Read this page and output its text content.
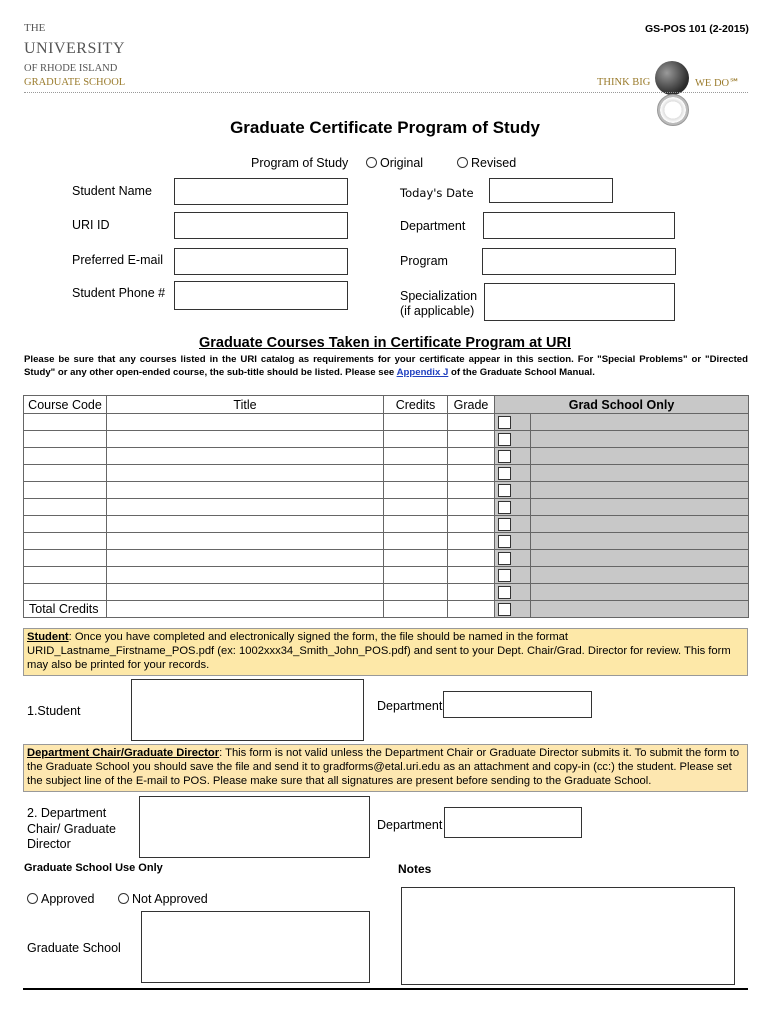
THE
UNIVERSITY
OF RHODE ISLAND
GRADUATE SCHOOL
GS-POS 101 (2-2015)
THINK BIG	WE DO℠
Graduate Certificate Program of Study
Program of Study	Original	Revised
Student Name	Today's Date
URI ID	Department
Preferred E-mail	Program
Student Phone #	Specialization
(if applicable)
Graduate Courses Taken in Certificate Program at URI
Please be sure that any courses listed in the URI catalog as requirements for your certificate appear in this section. For "Special Problems" or "Directed Study" or any other open-ended course, the sub-title should be listed. Please see Appendix J of the Graduate School Manual.
Course Code	Title	Credits	Grade	Grad School Only	

Total Credits				

Student: Once you have completed and electronically signed the form, the file should be named in the format URID_Lastname_Firstname_POS.pdf (ex: 1002xxx34_Smith_John_POS.pdf) and sent to your Dept. Chair/Grad. Director for review. This form may also be printed for your records.
1.Student	Department
Department Chair/Graduate Director: This form is not valid unless the Department Chair or Graduate Director submits it. To submit the form to the Graduate School you should save the file and send it to gradforms@etal.uri.edu as an attachment and copy-in (cc:) the student. Please set the subject line of the E-mail to POS. Please make sure that all signatures are present before sending to the Graduate School.
2. Department
Chair/ Graduate
Director
Department
Graduate School Use Only	Notes
Approved	Not Approved
Graduate School
